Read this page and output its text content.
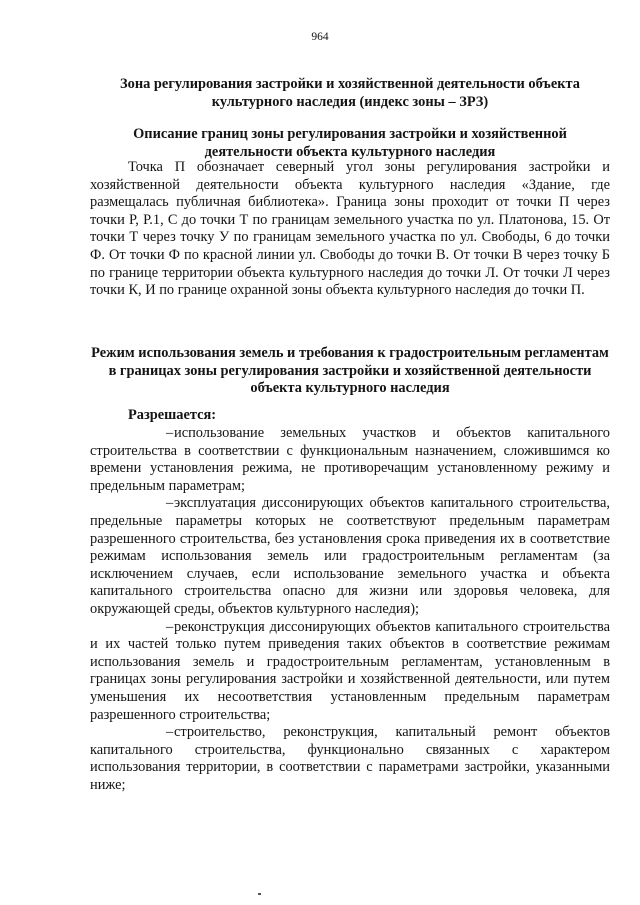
964
Зона регулирования застройки и хозяйственной деятельности объекта культурного наследия (индекс зоны – ЗРЗ)
Описание границ зоны регулирования застройки и хозяйственной деятельности объекта культурного наследия

Точка П обозначает северный угол зоны регулирования застройки и хозяйственной деятельности объекта культурного наследия «Здание, где размещалась публичная библиотека». Граница зоны проходит от точки П через точки Р, Р.1, С до точки Т по границам земельного участка по ул. Платонова, 15. От точки Т через точку У по границам земельного участка по ул. Свободы, 6 до точки Ф. От точки Ф по красной линии ул. Свободы до точки В. От точки В через точку Б по границе территории объекта культурного наследия до точки Л. От точки Л через точки К, И по границе охранной зоны объекта культурного наследия до точки П.

Режим использования земель и требования к градостроительным регламентам в границах зоны регулирования застройки и хозяйственной деятельности объекта культурного наследия
Разрешается:

–использование земельных участков и объектов капитального строительства в соответствии с функциональным назначением, сложившимся ко времени установления режима, не противоречащим установленному режиму и предельным параметрам;

–эксплуатация диссонирующих объектов капитального строительства, предельные параметры которых не соответствуют предельным параметрам разрешенного строительства, без установления срока приведения их в соответствие режимам использования земель или градостроительным регламентам (за исключением случаев, если использование земельного участка и объекта капитального строительства опасно для жизни или здоровья человека, для окружающей среды, объектов культурного наследия);

–реконструкция диссонирующих объектов капитального строительства и их частей только путем приведения таких объектов в соответствие режимам использования земель и градостроительным регламентам, установленным в границах зоны регулирования застройки и хозяйственной деятельности, или путем уменьшения их несоответствия установленным предельным параметрам разрешенного строительства;

–строительство, реконструкция, капитальный ремонт объектов капитального строительства, функционально связанных с характером использования территории, в соответствии с параметрами застройки, указанными ниже;
